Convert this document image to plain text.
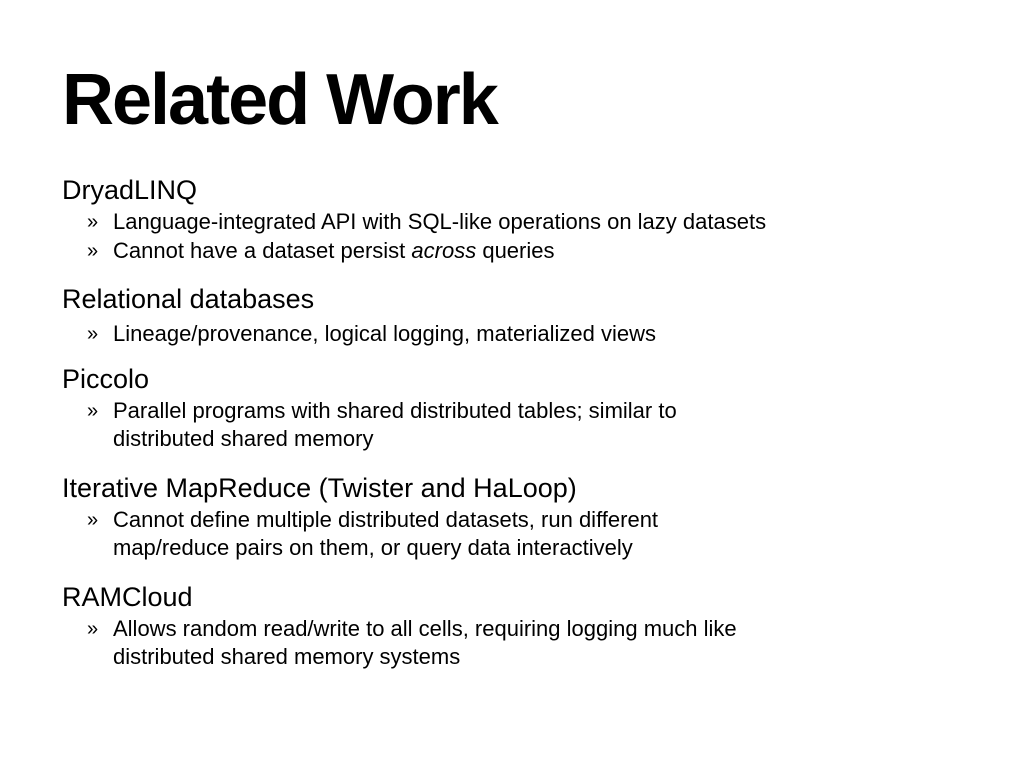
Related Work
DryadLINQ
» Language-integrated API with SQL-like operations on lazy datasets
» Cannot have a dataset persist across queries
Relational databases
» Lineage/provenance, logical logging, materialized views
Piccolo
» Parallel programs with shared distributed tables; similar to
distributed shared memory
Iterative MapReduce (Twister and HaLoop)
» Cannot define multiple distributed datasets, run different
map/reduce pairs on them, or query data interactively
RAMCloud
» Allows random read/write to all cells, requiring logging much like
distributed shared memory systems
